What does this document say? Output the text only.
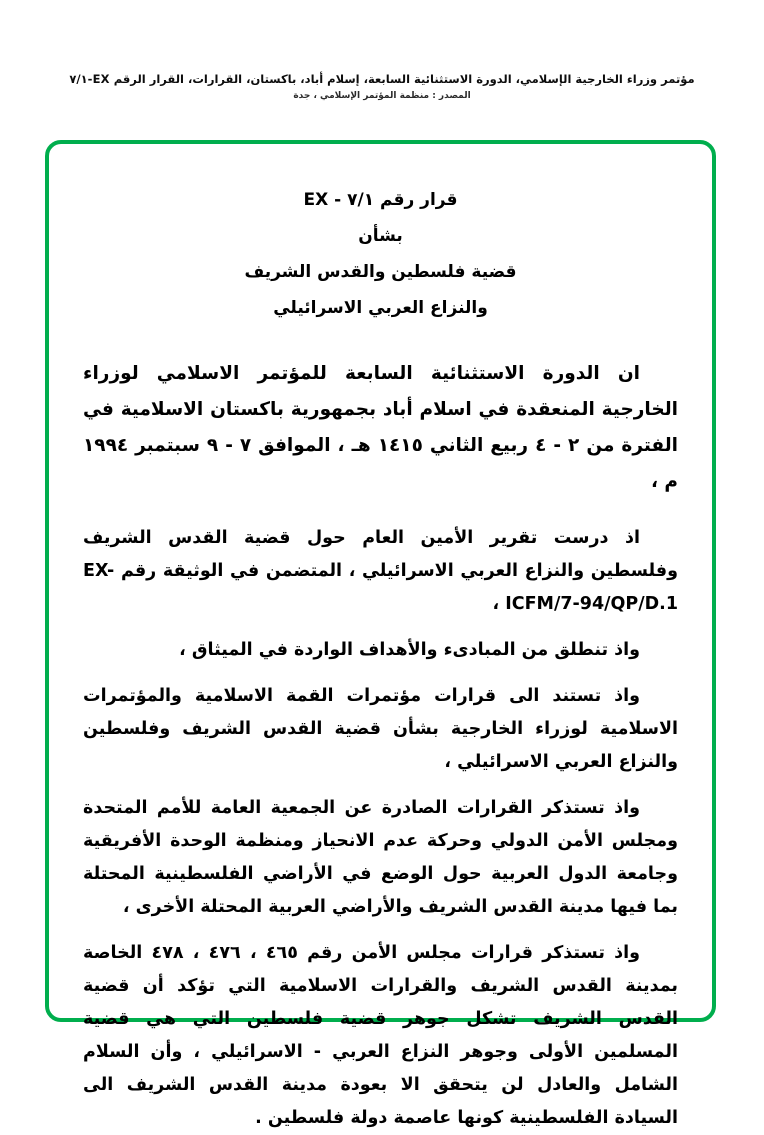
مؤتمر وزراء الخارجية الإسلامي، الدورة الاستثنائية السابعة، إسلام أباد، باكستان، القرارات، القرار الرقم EX-٧/١
المصدر : منظمة المؤتمر الإسلامي ، جدة
قرار رقم ٧/١ - EX
بشأن
قضية فلسطين والقدس الشريف
والنزاع العربي الاسرائيلي

ان الدورة الاستثنائية السابعة للمؤتمر الاسلامي لوزراء الخارجية المنعقدة في اسلام أباد بجمهورية باكستان الاسلامية في الفترة من ٢ - ٤ ربيع الثاني ١٤١٥ هـ ، الموافق ٧ - ٩ سبتمبر ١٩٩٤ م ،

اذ درست تقرير الأمين العام حول قضية القدس الشريف وفلسطين والنزاع العربي الاسرائيلي ، المتضمن في الوثيقة رقم EX-ICFM/7-94/QP/D.1 ،

واذ تنطلق من المبادىء والأهداف الواردة في الميثاق ،

واذ تستند الى قرارات مؤتمرات القمة الاسلامية والمؤتمرات الاسلامية لوزراء الخارجية بشأن قضية القدس الشريف وفلسطين والنزاع العربي الاسرائيلي ،

واذ تستذكر القرارات الصادرة عن الجمعية العامة للأمم المتحدة ومجلس الأمن الدولي وحركة عدم الانحياز ومنظمة الوحدة الأفريقية وجامعة الدول العربية حول الوضع في الأراضي الفلسطينية المحتلة بما فيها مدينة القدس الشريف والأراضي العربية المحتلة الأخرى ،

واذ تستذكر قرارات مجلس الأمن رقم ٤٦٥ ، ٤٧٦ ، ٤٧٨ الخاصة بمدينة القدس الشريف والقرارات الاسلامية التي تؤكد أن قضية القدس الشريف تشكل جوهر قضية فلسطين التي هي قضية المسلمين الأولى وجوهر النزاع العربي - الاسرائيلي ، وأن السلام الشامل والعادل لن يتحقق الا بعودة مدينة القدس الشريف الى السيادة الفلسطينية كونها عاصمة دولة فلسطين .
